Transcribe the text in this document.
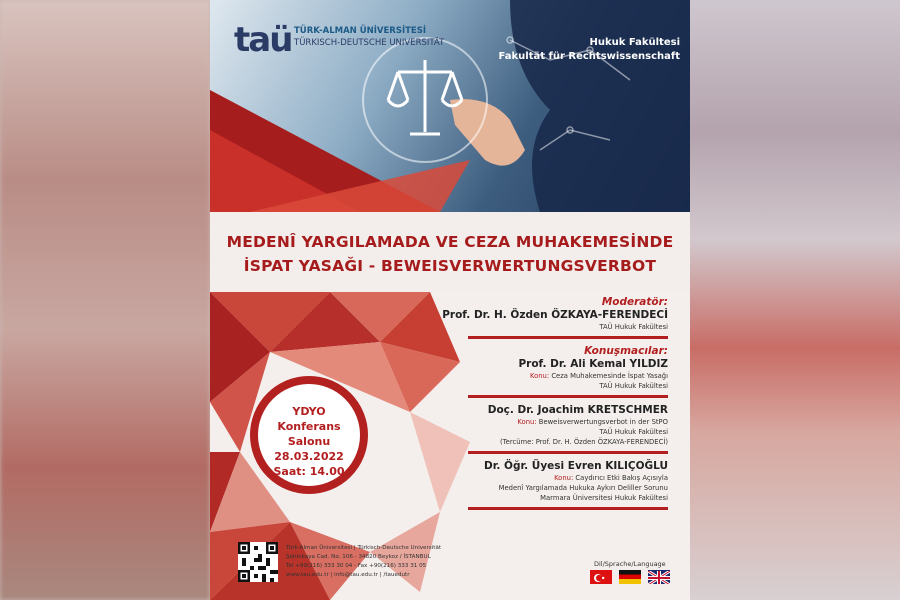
taü TÜRK-ALMAN ÜNİVERSİTESİ
TÜRKISCH-DEUTSCHE UNIVERSITÄT	Hukuk Fakültesi
Fakultät für Rechtswissenschaft
MEDENÎ YARGILAMADA VE CEZA MUHAKEMESİNDE
İSPAT YASAĞI - BEWEISVERWERTUNGSVERBOT
YDYO
Konferans Salonu
28.03.2022
Saat: 14.00
Moderatör:
Prof. Dr. H. Özden ÖZKAYA-FERENDECİ
TAÜ Hukuk Fakültesi
Konuşmacılar:
Prof. Dr. Ali Kemal YILDIZ
Konu: Ceza Muhakemesinde İspat Yasağı
TAÜ Hukuk Fakültesi
Doç. Dr. Joachim KRETSCHMER
Konu: Beweisverwertungsverbot in der StPO
TAÜ Hukuk Fakültesi
(Tercüme: Prof. Dr. H. Özden ÖZKAYA-FERENDECİ)
Dr. Öğr. Üyesi Evren KILIÇOĞLU
Konu: Caydırıcı Etki Bakış Açısıyla
Medenî Yargılamada Hukuka Aykırı Deliller Sorunu
Marmara Üniversitesi Hukuk Fakültesi
Türk-Alman Üniversitesi | Türkisch-Deutsche Universität
Şahinkaya Cad. No. 106 - 34820 Beykoz / İSTANBUL
Tel +90(216) 333 30 04 - Fax +90(216) 333 31 05
www.tau.edu.tr | info@tau.edu.tr | /tauedutr
Dil/Sprache/Language
